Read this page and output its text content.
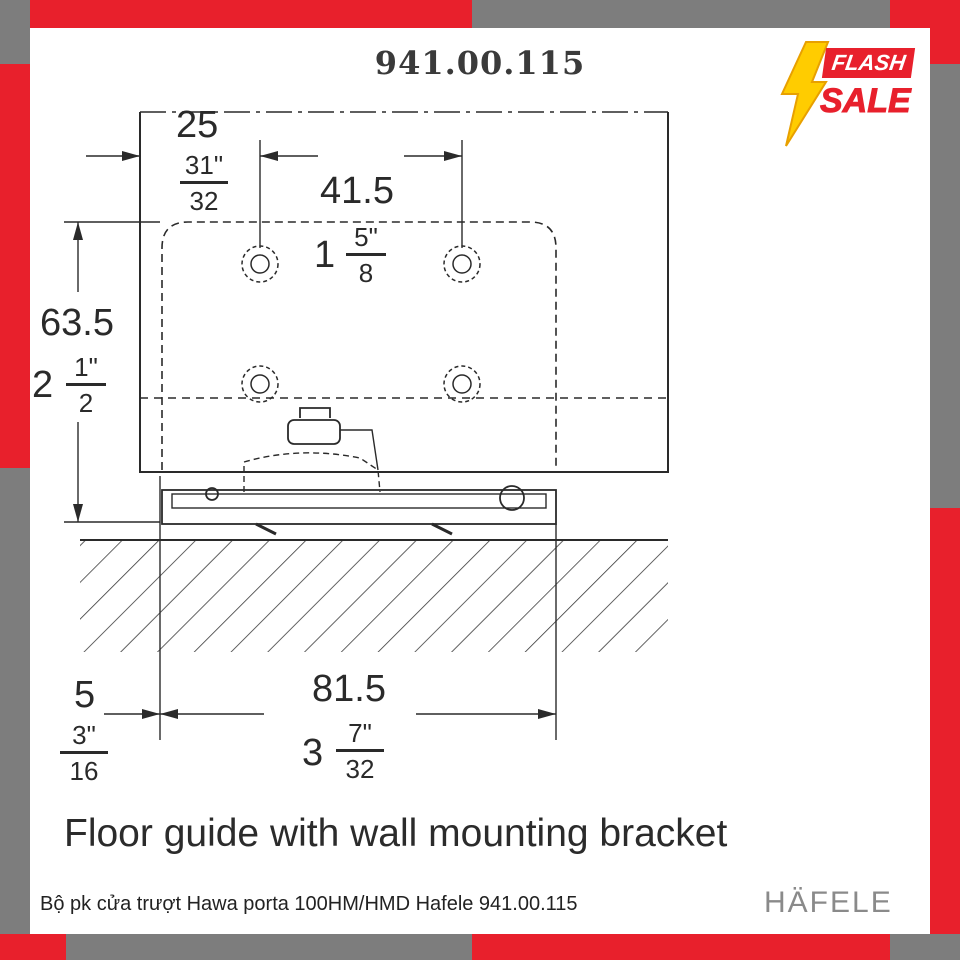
941.00.115	FLASH
SALE
25
31"
32	41.5
1 5"
8
63.5
2 1"
2
5
3"
16
81.5
3 7"
32
Floor guide with wall mounting bracket
Bộ pk cửa trượt Hawa porta 100HM/HMD Hafele 941.00.115	HÄFELE
